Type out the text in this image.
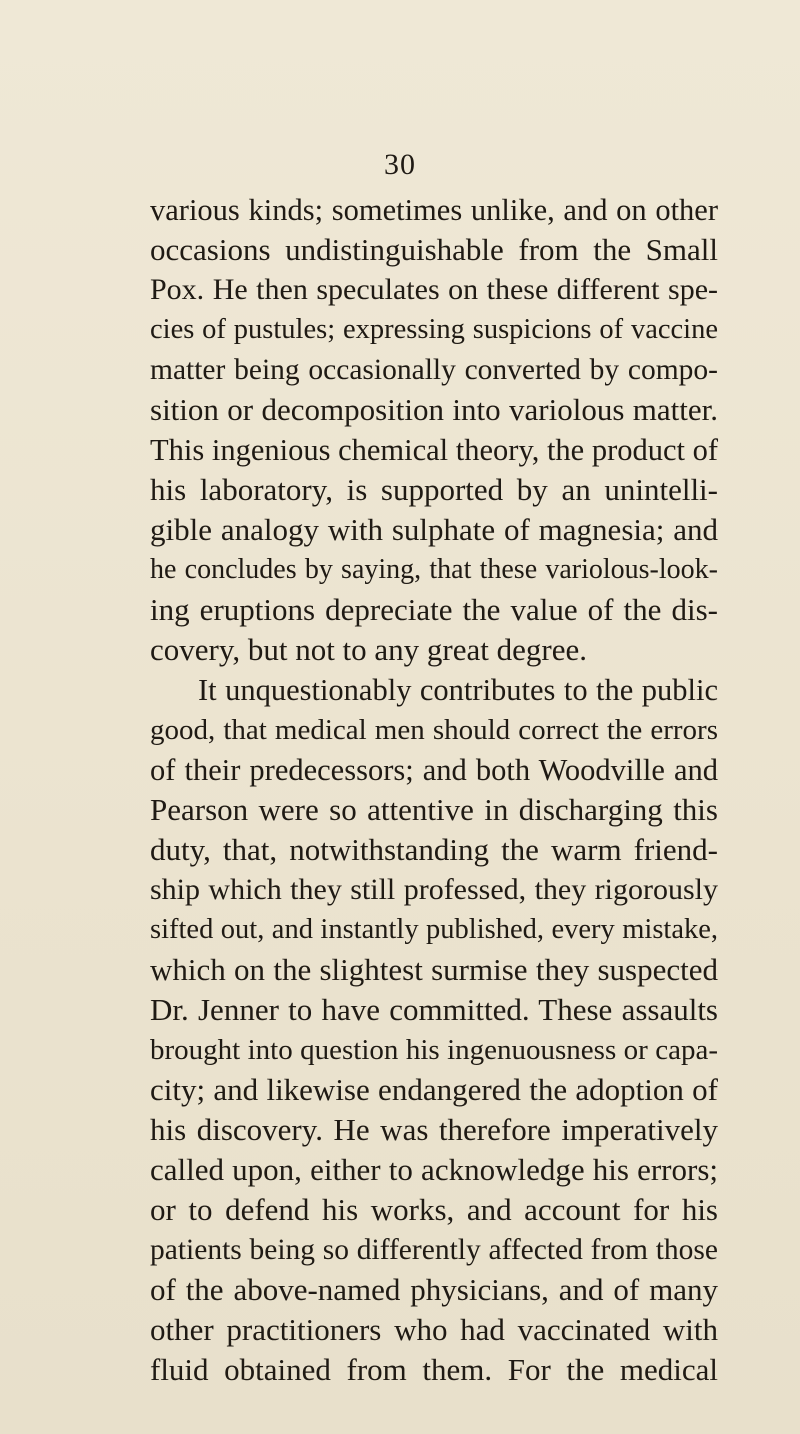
30
various kinds; sometimes unlike, and on other
occasions undistinguishable from the Small
Pox. He then speculates on these different spe-
cies of pustules; expressing suspicions of vaccine
matter being occasionally converted by compo-
sition or decomposition into variolous matter.
This ingenious chemical theory, the product of
his laboratory, is supported by an unintelli-
gible analogy with sulphate of magnesia; and
he concludes by saying, that these variolous-look-
ing eruptions depreciate the value of the dis-
covery, but not to any great degree.
It unquestionably contributes to the public
good, that medical men should correct the errors
of their predecessors; and both Woodville and
Pearson were so attentive in discharging this
duty, that, notwithstanding the warm friend-
ship which they still professed, they rigorously
sifted out, and instantly published, every mistake,
which on the slightest surmise they suspected
Dr. Jenner to have committed. These assaults
brought into question his ingenuousness or capa-
city; and likewise endangered the adoption of
his discovery. He was therefore imperatively
called upon, either to acknowledge his errors;
or to defend his works, and account for his
patients being so differently affected from those
of the above-named physicians, and of many
other practitioners who had vaccinated with
fluid obtained from them. For the medical
